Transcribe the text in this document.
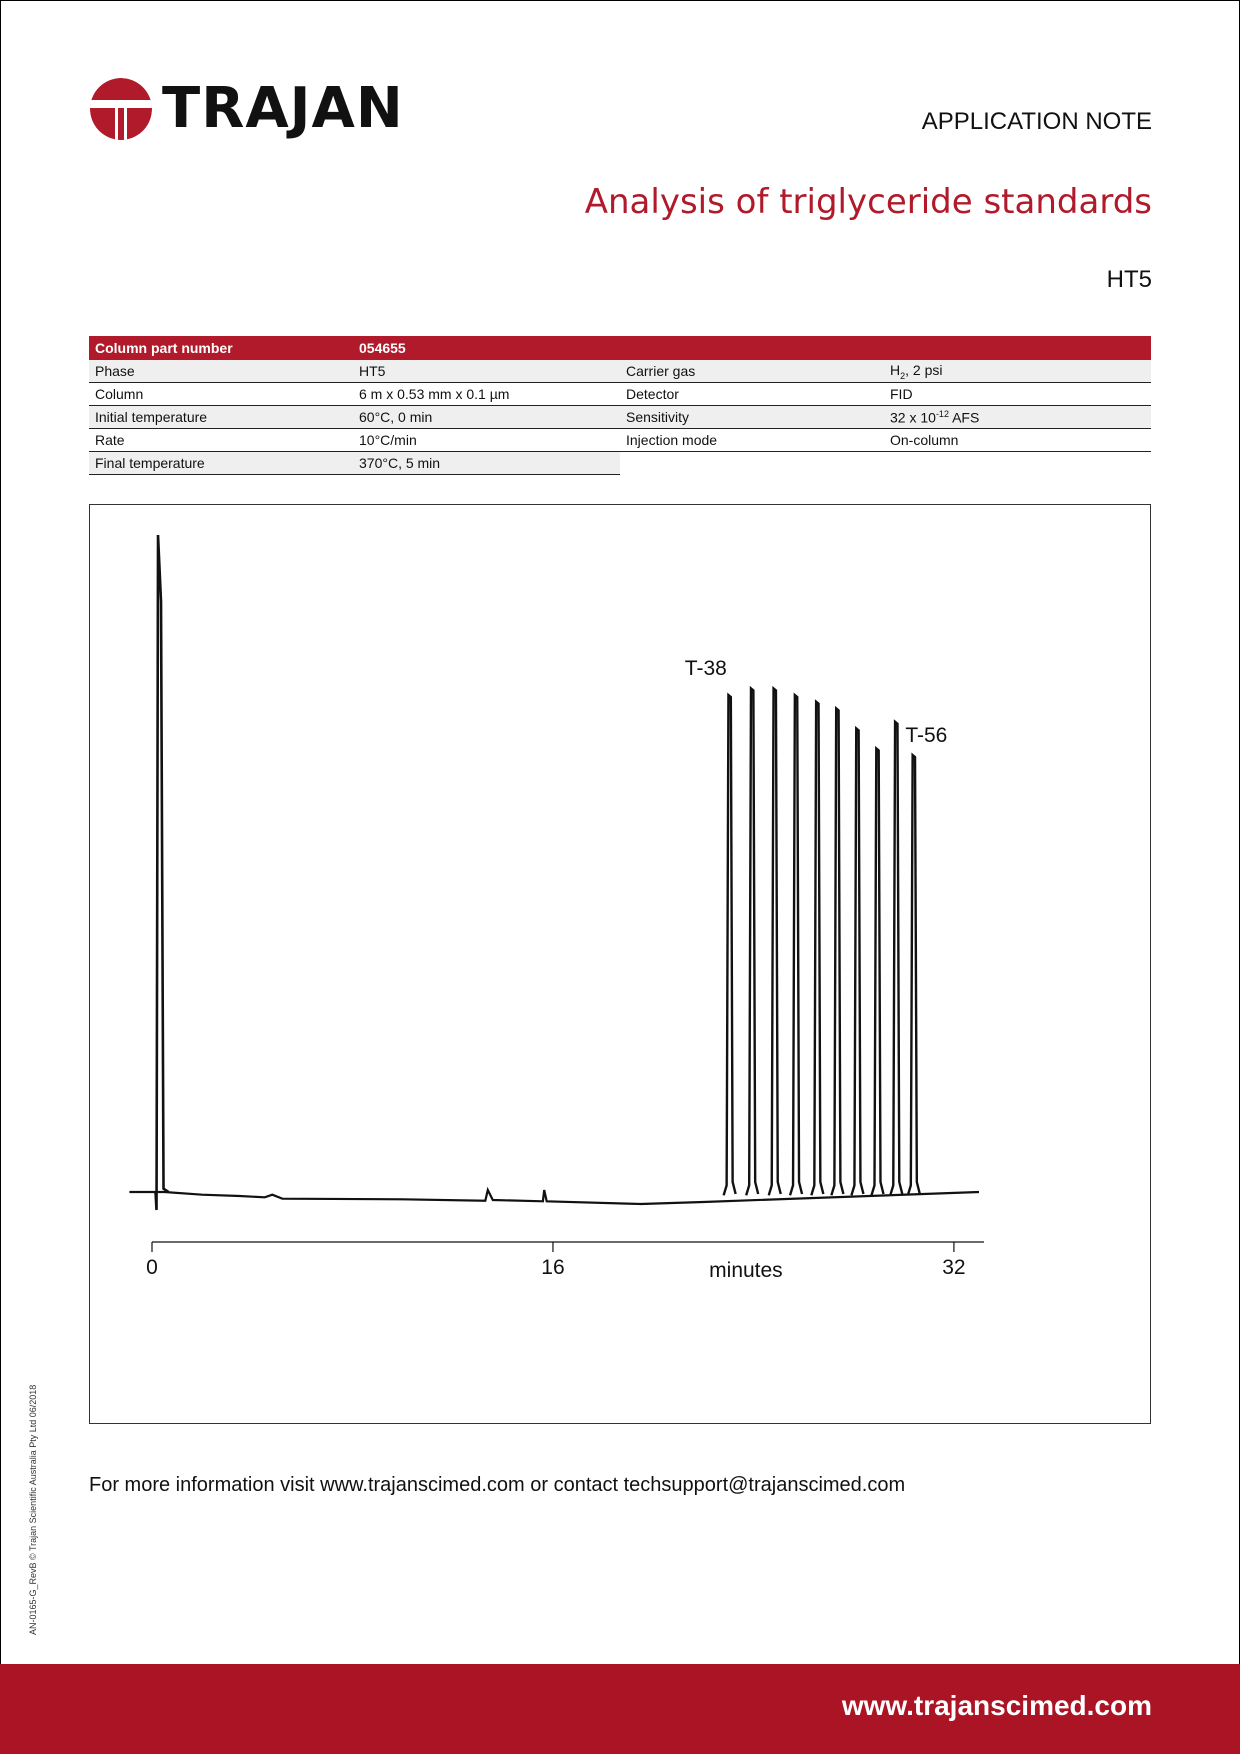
TRAJAN	APPLICATION NOTE
Analysis of triglyceride standards
HT5
Column part number	054655
Phase	HT5	Carrier gas	$H_2$, 2 psi
Column	6 m x 0.53 mm x 0.1 µm	Detector	FID
Initial temperature	60°C, 0 min	Sensitivity	32 x $10^{-12}$ AFS
Rate	10°C/min	Injection mode	On-column
Final temperature	370°C, 5 min
0	16	32
T-38
T-56
minutes
For more information visit www.trajanscimed.com or contact techsupport@trajanscimed.com
AN-0165-G_RevB © Trajan Scientific Australia Pty Ltd 06/2018
www.trajanscimed.com
